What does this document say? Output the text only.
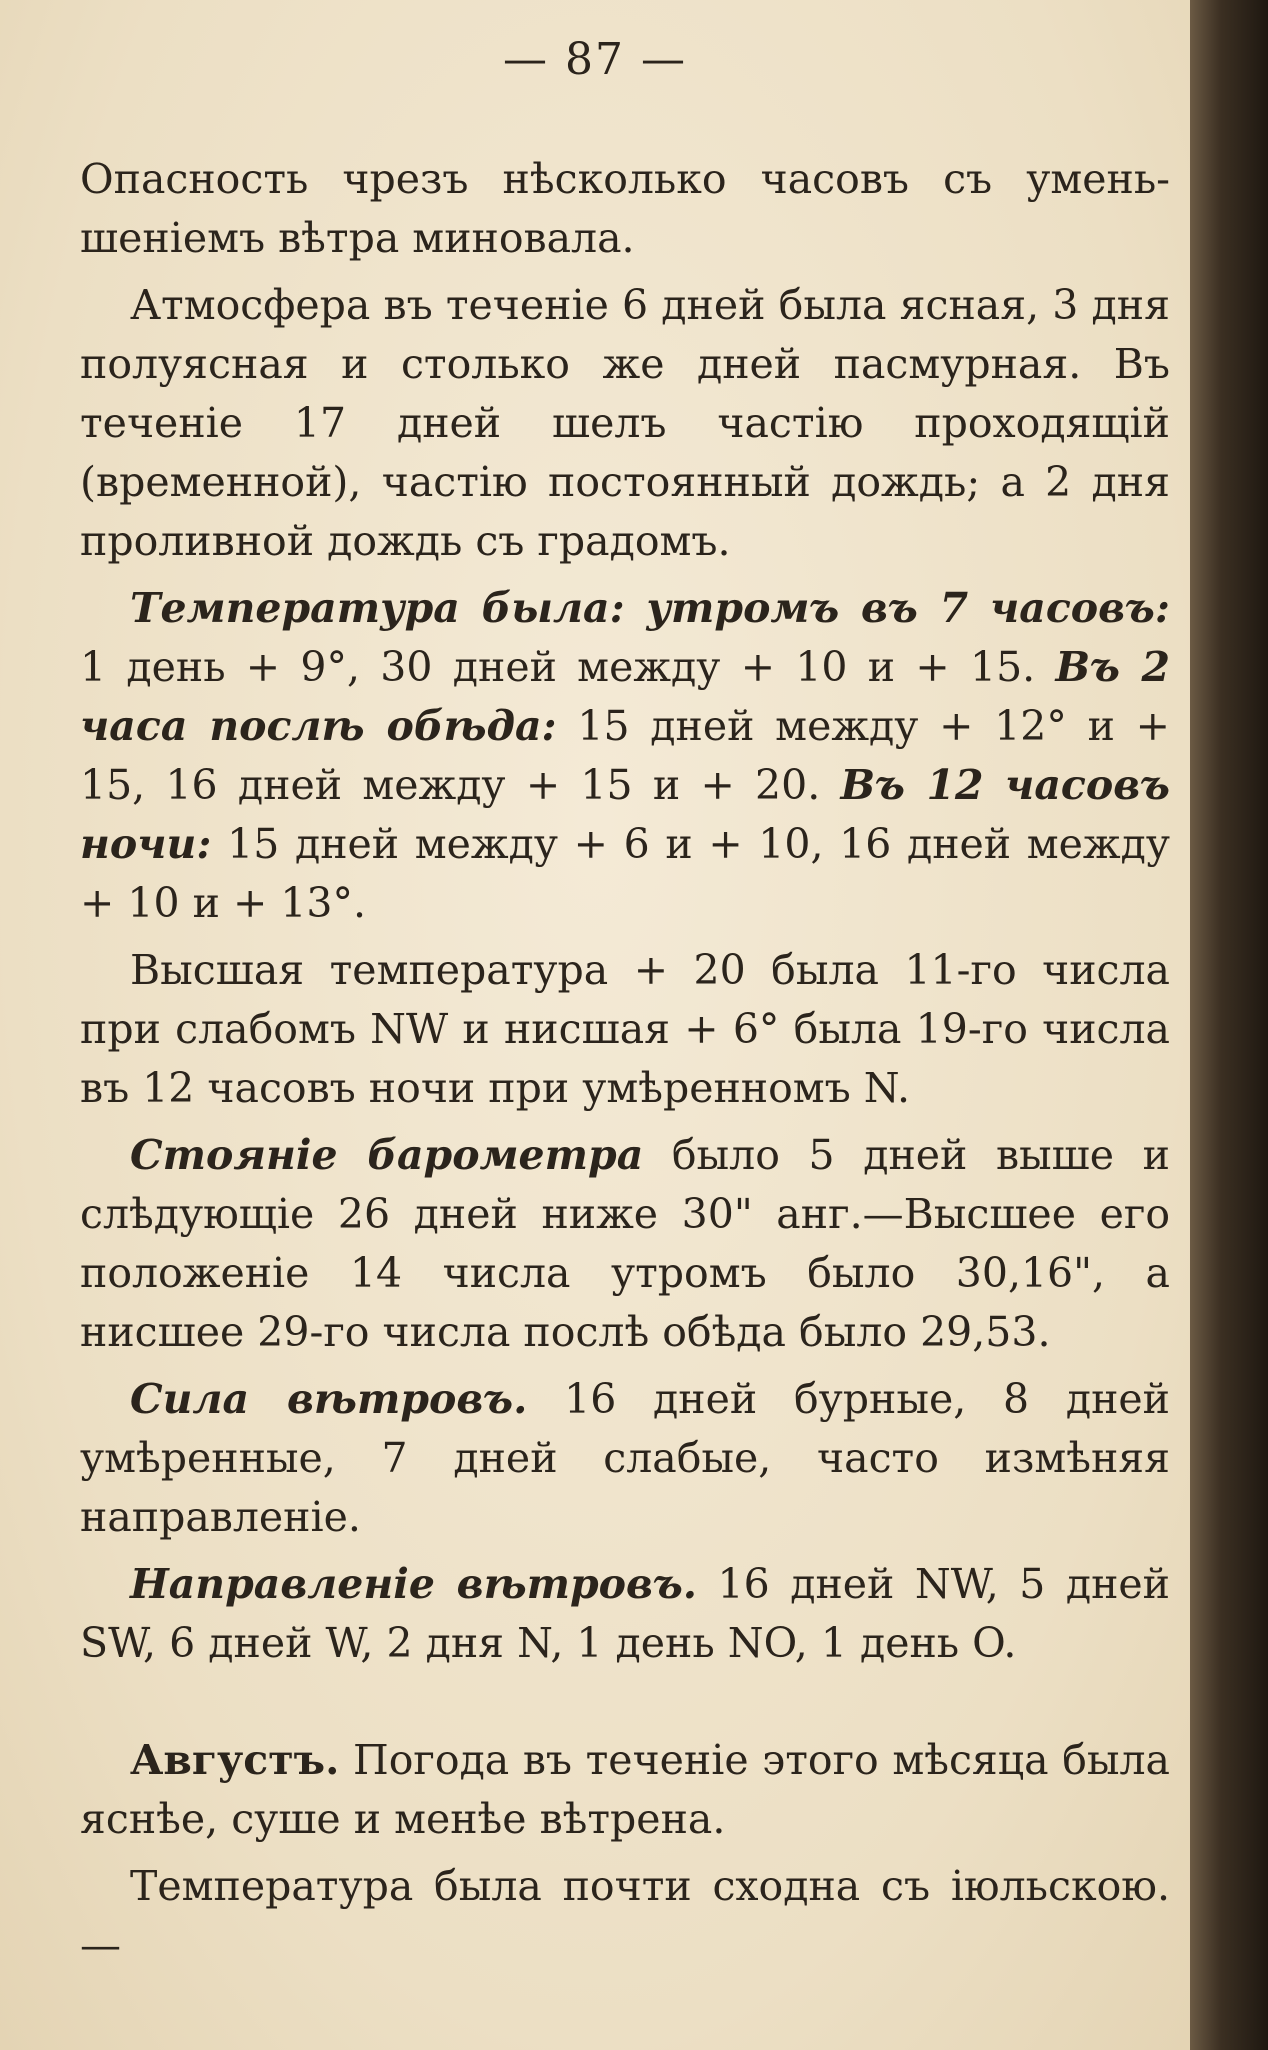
— 87 —

Опасность чрезъ нѣсколько часовъ съ умень-шеніемъ вѣтра миновала.

Атмосфера въ теченіе 6 дней была ясная, 3 дня полуясная и столько же дней пасмурная. Въ теченіе 17 дней шелъ частію проходящій (временной), частію постоянный дождь; а 2 дня проливной дождь съ градомъ.

Температура была: утромъ въ 7 часовъ: 1 день + 9°, 30 дней между + 10 и + 15. Въ 2 часа послѣ обѣда: 15 дней между + 12° и + 15, 16 дней между + 15 и + 20. Въ 12 часовъ ночи: 15 дней между + 6 и + 10, 16 дней между + 10 и + 13°.

Высшая температура + 20 была 11-го числа при слабомъ NW и нисшая + 6° была 19-го числа въ 12 часовъ ночи при умѣренномъ N.

Стояніе барометра было 5 дней выше и слѣдующіе 26 дней ниже 30" анг.—Высшее его положеніе 14 числа утромъ было 30,16", а нисшее 29-го числа послѣ обѣда было 29,53.

Сила вѣтровъ. 16 дней бурные, 8 дней умѣренные, 7 дней слабые, часто измѣняя направленіе.

Направленіе вѣтровъ. 16 дней NW, 5 дней SW, 6 дней W, 2 дня N, 1 день NO, 1 день O.

Августъ. Погода въ теченіе этого мѣсяца была яснѣе, суше и менѣе вѣтрена.

Температура была почти сходна съ іюльскою.—
